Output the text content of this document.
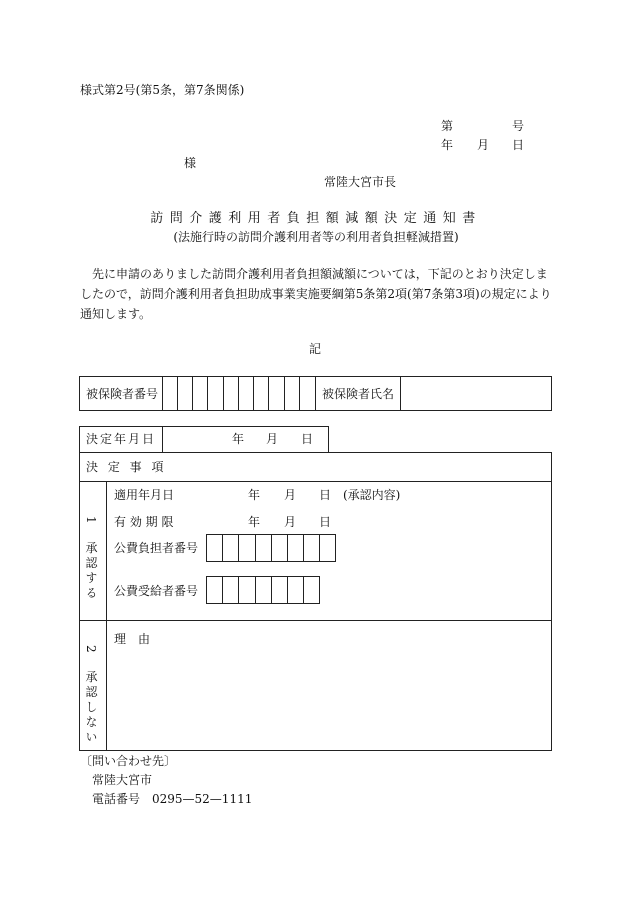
様式第2号(第5条，第7条関係)
第	号
年 月 日
様
常陸大宮市長
訪問介護利用者負担額減額決定通知書
(法施行時の訪問介護利用者等の利用者負担軽減措置)
先に申請のありました訪問介護利用者負担額減額については，下記のとおり決定しましたので，訪問介護利用者負担助成事業実施要綱第5条第2項(第7条第3項)の規定により通知します。
記
被保険者番号	被保険者氏名
決定年月日	年 月 日
決 定 事 項
1　承認する
適用年月日	年 月 日 (承認内容)
有 効 期 限	年 月 日
公費負担者番号
公費受給者番号
2　承認しない
理　由
〔問い合わせ先〕
常陸大宮市
電話番号　0295—52—1111
